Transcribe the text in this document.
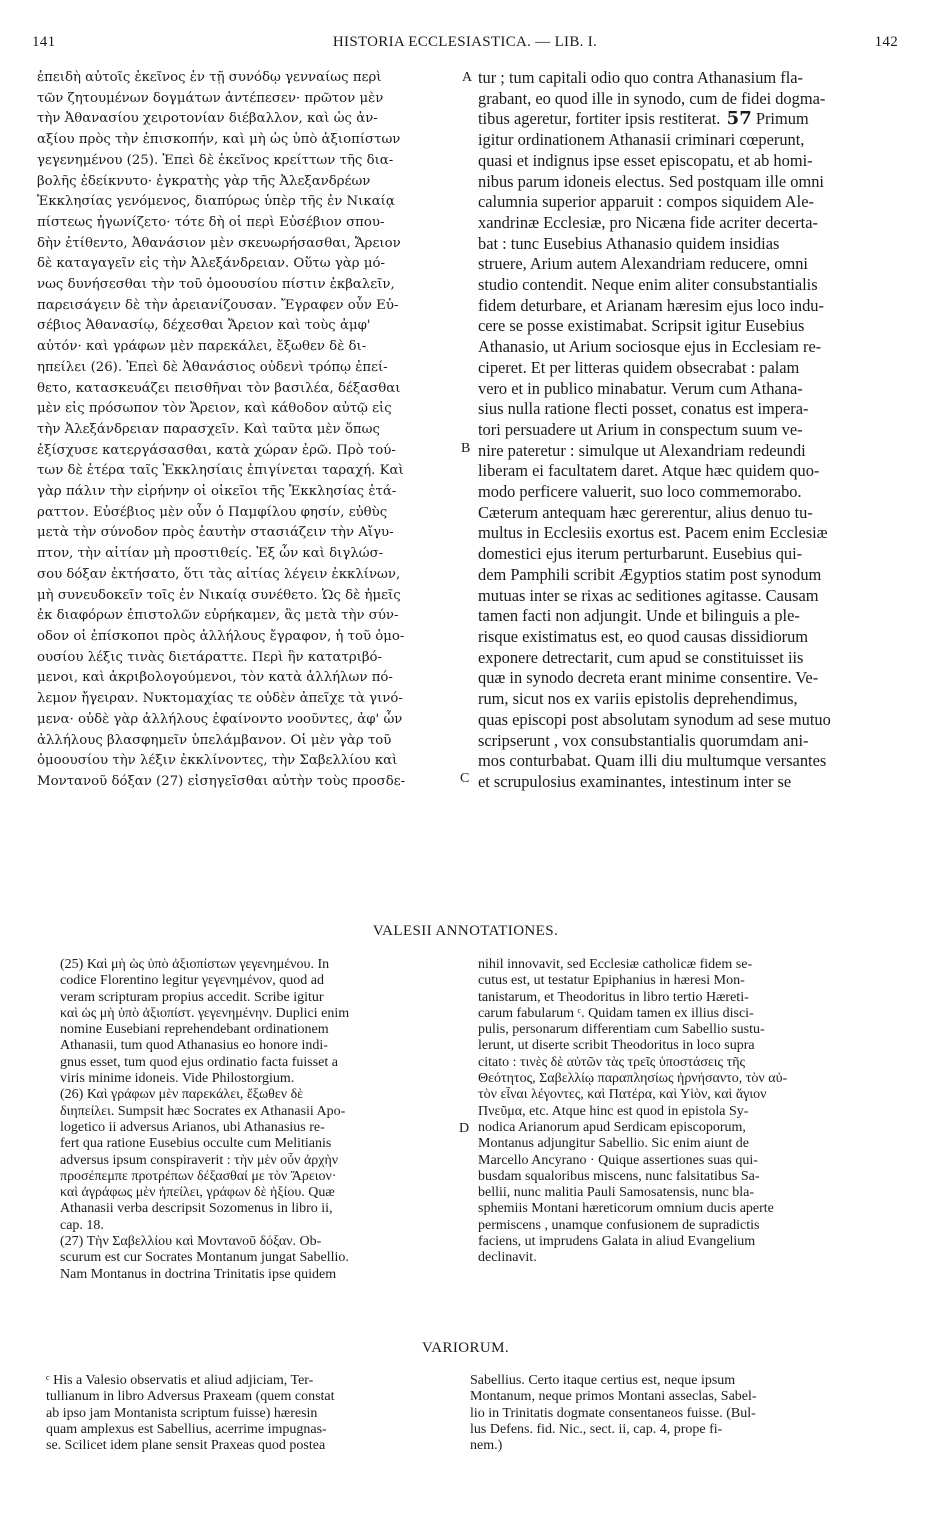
141	HISTORIA ECCLESIASTICA. — LIB. I.	142
ἐπειδὴ αὐτοῖς ἐκεῖνος ἐν τῇ συνόδῳ γενναίως περὶ
τῶν ζητουμένων δογμάτων ἀντέπεσεν· πρῶτον μὲν
τὴν Ἀθανασίου χειροτονίαν διέβαλλον, καὶ ὡς ἀν-
αξίου πρὸς τὴν ἐπισκοπήν, καὶ μὴ ὡς ὑπὸ ἀξιοπίστων
γεγενημένου (25). Ἐπεὶ δὲ ἐκεῖνος κρείττων τῆς δια-
βολῆς ἐδείκνυτο· ἐγκρατὴς γὰρ τῆς Ἀλεξανδρέων
Ἐκκλησίας γενόμενος, διαπύρως ὑπὲρ τῆς ἐν Νικαίᾳ
πίστεως ἠγωνίζετο· τότε δὴ οἱ περὶ Εὐσέβιον σπου-
δὴν ἐτίθεντο, Ἀθανάσιον μὲν σκευωρήσασθαι, Ἄρειον
δὲ καταγαγεῖν εἰς τὴν Ἀλεξάνδρειαν. Οὕτω γὰρ μό-
νως δυνήσεσθαι τὴν τοῦ ὁμοουσίου πίστιν ἐκβαλεῖν,
παρεισάγειν δὲ τὴν ἀρειανίζουσαν. Ἔγραφεν οὖν Εὐ-
σέβιος Ἀθανασίῳ, δέχεσθαι Ἄρειον καὶ τοὺς ἀμφ'
αὐτόν· καὶ γράφων μὲν παρεκάλει, ἔξωθεν δὲ δι-
ηπείλει (26). Ἐπεὶ δὲ Ἀθανάσιος οὐδενὶ τρόπῳ ἐπεί-
θετο, κατασκευάζει πεισθῆναι τὸν βασιλέα, δέξασθαι
μὲν εἰς πρόσωπον τὸν Ἄρειον, καὶ κάθοδον αὐτῷ εἰς
τὴν Ἀλεξάνδρειαν παρασχεῖν. Καὶ ταῦτα μὲν ὅπως
ἐξίσχυσε κατεργάσασθαι, κατὰ χώραν ἐρῶ. Πρὸ τού-
των δὲ ἑτέρα ταῖς Ἐκκλησίαις ἐπιγίνεται ταραχή. Καὶ
γὰρ πάλιν τὴν εἰρήνην οἱ οἰκεῖοι τῆς Ἐκκλησίας ἐτά-
ραττον. Εὐσέβιος μὲν οὖν ὁ Παμφίλου φησίν, εὐθὺς
μετὰ τὴν σύνοδον πρὸς ἑαυτὴν στασιάζειν τὴν Αἴγυ-
πτον, τὴν αἰτίαν μὴ προστιθείς. Ἐξ ὧν καὶ διγλώσ-
σου δόξαν ἐκτήσατο, ὅτι τὰς αἰτίας λέγειν ἐκκλίνων,
μὴ συνευδοκεῖν τοῖς ἐν Νικαίᾳ συνέθετο. Ὡς δὲ ἡμεῖς
ἐκ διαφόρων ἐπιστολῶν εὑρήκαμεν, ἃς μετὰ τὴν σύν-
οδον οἱ ἐπίσκοποι πρὸς ἀλλήλους ἔγραφον, ἡ τοῦ ὁμο-
ουσίου λέξις τινὰς διετάραττε. Περὶ ἣν κατατριβό-
μενοι, καὶ ἀκριβολογούμενοι, τὸν κατὰ ἀλλήλων πό-
λεμον ἤγειραν. Νυκτομαχίας τε οὐδὲν ἀπεῖχε τὰ γινό-
μενα· οὐδὲ γὰρ ἀλλήλους ἐφαίνοντο νοοῦντες, ἀφ' ὧν
ἀλλήλους βλασφημεῖν ὑπελάμβανον. Οἱ μὲν γὰρ τοῦ
ὁμοουσίου τὴν λέξιν ἐκκλίνοντες, τὴν Σαβελλίου καὶ
Μοντανοῦ δόξαν (27) εἰσηγεῖσθαι αὐτὴν τοὺς προσδε-
tur ; tum capitali odio quo contra Athanasium fla-
grabant, eo quod ille in synodo, cum de fidei dogma-
tibus ageretur, fortiter ipsis restiterat. 57 Primum
igitur ordinationem Athanasii criminari cœperunt,
quasi et indignus ipse esset episcopatu, et ab homi-
nibus parum idoneis electus. Sed postquam ille omni
calumnia superior apparuit : compos siquidem Ale-
xandrinæ Ecclesiæ, pro Nicæna fide acriter decerta-
bat : tunc Eusebius Athanasio quidem insidias
struere, Arium autem Alexandriam reducere, omni
studio contendit. Neque enim aliter consubstantialis
fidem deturbare, et Arianam hæresim ejus loco indu-
cere se posse existimabat. Scripsit igitur Eusebius
Athanasio, ut Arium sociosque ejus in Ecclesiam re-
ciperet. Et per litteras quidem obsecrabat : palam
vero et in publico minabatur. Verum cum Athana-
sius nulla ratione flecti posset, conatus est impera-
tori persuadere ut Arium in conspectum suum ve-
nire pateretur : simulque ut Alexandriam redeundi
liberam ei facultatem daret. Atque hæc quidem quo-
modo perficere valuerit, suo loco commemorabo.
Cæterum antequam hæc gererentur, alius denuo tu-
multus in Ecclesiis exortus est. Pacem enim Ecclesiæ
domestici ejus iterum perturbarunt. Eusebius qui-
dem Pamphili scribit Ægyptios statim post synodum
mutuas inter se rixas ac seditiones agitasse. Causam
tamen facti non adjungit. Unde et bilinguis a ple-
risque existimatus est, eo quod causas dissidiorum
exponere detrectarit, cum apud se constituisset iis
quæ in synodo decreta erant minime consentire. Ve-
rum, sicut nos ex variis epistolis deprehendimus,
quas episcopi post absolutam synodum ad sese mutuo
scripserunt , vox consubstantialis quorumdam ani-
mos conturbabat. Quam illi diu multumque versantes
et scrupulosius examinantes, intestinum inter se
A
B
C
D
VALESII ANNOTATIONES.
(25) Καὶ μὴ ὡς ὑπὸ ἀξιοπίστων γεγενημένου. In
codice Florentino legitur γεγενημένον, quod ad
veram scripturam propius accedit. Scribe igitur
καὶ ὡς μὴ ὑπὸ ἀξιοπίστ. γεγενημένην. Duplici enim
nomine Eusebiani reprehendebant ordinationem
Athanasii, tum quod Athanasius eo honore indi-
gnus esset, tum quod ejus ordinatio facta fuisset a
viris minime idoneis. Vide Philostorgium.
(26) Καὶ γράφων μὲν παρεκάλει, ἔξωθεν δὲ
διηπείλει. Sumpsit hæc Socrates ex Athanasii Apo-
logetico ii adversus Arianos, ubi Athanasius re-
fert qua ratione Eusebius occulte cum Melitianis
adversus ipsum conspiraverit : τὴν μὲν οὖν ἀρχὴν
προσέπεμπε προτρέπων δέξασθαί με τὸν Ἄρειον·
καὶ ἀγράφως μὲν ἠπείλει, γράφων δὲ ἠξίου. Quæ
Athanasii verba descripsit Sozomenus in libro ii,
cap. 18.
(27) Τὴν Σαβελλίου καὶ Μοντανοῦ δόξαν. Ob-
scurum est cur Socrates Montanum jungat Sabellio.
Nam Montanus in doctrina Trinitatis ipse quidem
nihil innovavit, sed Ecclesiæ catholicæ fidem se-
cutus est, ut testatur Epiphanius in hæresi Mon-
tanistarum, et Theodoritus in libro tertio Hæreti-
carum fabularum ᶜ. Quidam tamen ex illius disci-
pulis, personarum differentiam cum Sabellio sustu-
lerunt, ut diserte scribit Theodoritus in loco supra
citato : τινὲς δὲ αὐτῶν τὰς τρεῖς ὑποστάσεις τῆς
Θεότητος, Σαβελλίῳ παραπλησίως ἠρνήσαντο, τὸν αὐ-
τὸν εἶναι λέγοντες, καὶ Πατέρα, καὶ Υἱὸν, καὶ ἅγιον
Πνεῦμα, etc. Atque hinc est quod in epistola Sy-
nodica Arianorum apud Serdicam episcoporum,
Montanus adjungitur Sabellio. Sic enim aiunt de
Marcello Ancyrano · Quique assertiones suas qui-
busdam squaloribus miscens, nunc falsitatibus Sa-
bellii, nunc malitia Pauli Samosatensis, nunc bla-
sphemiis Montani hæreticorum omnium ducis aperte
permiscens , unamque confusionem de supradictis
faciens, ut imprudens Galata in aliud Evangelium
declinavit.
VARIORUM.
ᶜ His a Valesio observatis et aliud adjiciam, Ter-
tullianum in libro Adversus Praxeam (quem constat
ab ipso jam Montanista scriptum fuisse) hæresin
quam amplexus est Sabellius, acerrime impugnas-
se. Scilicet idem plane sensit Praxeas quod postea
Sabellius. Certo itaque certius est, neque ipsum
Montanum, neque primos Montani asseclas, Sabel-
lio in Trinitatis dogmate consentaneos fuisse. (Bul-
lus Defens. fid. Nic., sect. ii, cap. 4, prope fi-
nem.)
